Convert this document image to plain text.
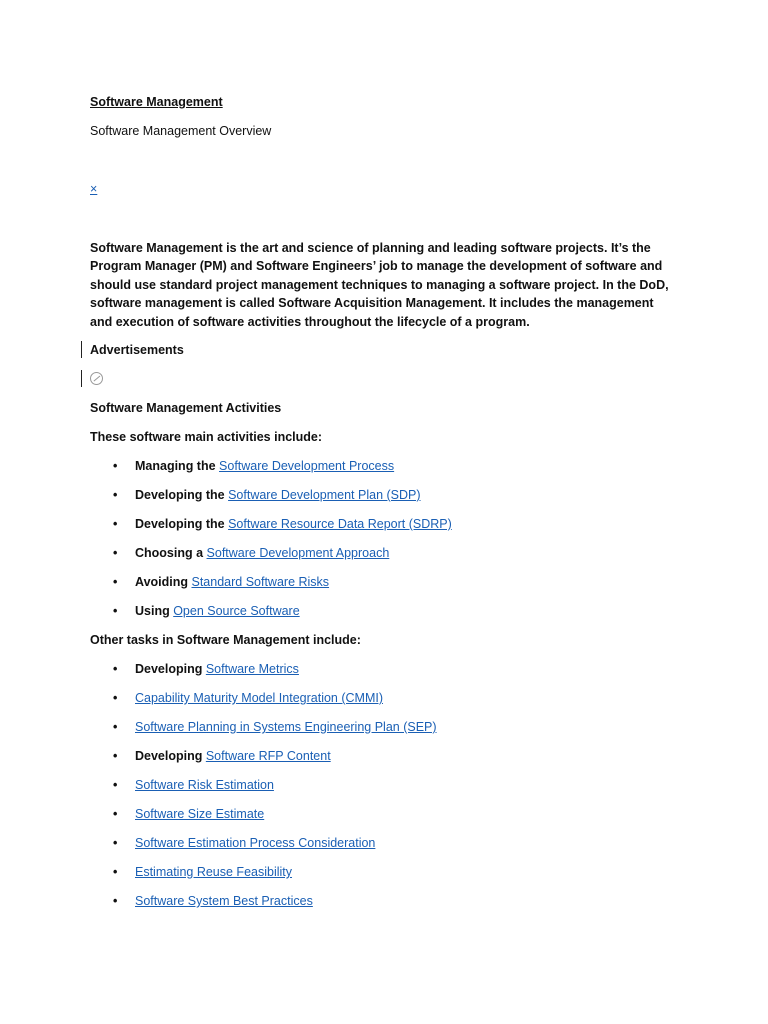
Software Management
Software Management Overview
×
Software Management is the art and science of planning and leading software projects. It’s the Program Manager (PM) and Software Engineers’ job to manage the development of software and should use standard project management techniques to managing a software project. In the DoD, software management is called Software Acquisition Management. It includes the management and execution of software activities throughout the lifecycle of a program.
Advertisements
Software Management Activities
These software main activities include:
• Managing the Software Development Process
• Developing the Software Development Plan (SDP)
• Developing the Software Resource Data Report (SDRP)
• Choosing a Software Development Approach
• Avoiding Standard Software Risks
• Using Open Source Software
Other tasks in Software Management include:
• Developing Software Metrics
• Capability Maturity Model Integration (CMMI)
• Software Planning in Systems Engineering Plan (SEP)
• Developing Software RFP Content
• Software Risk Estimation
• Software Size Estimate
• Software Estimation Process Consideration
• Estimating Reuse Feasibility
• Software System Best Practices
